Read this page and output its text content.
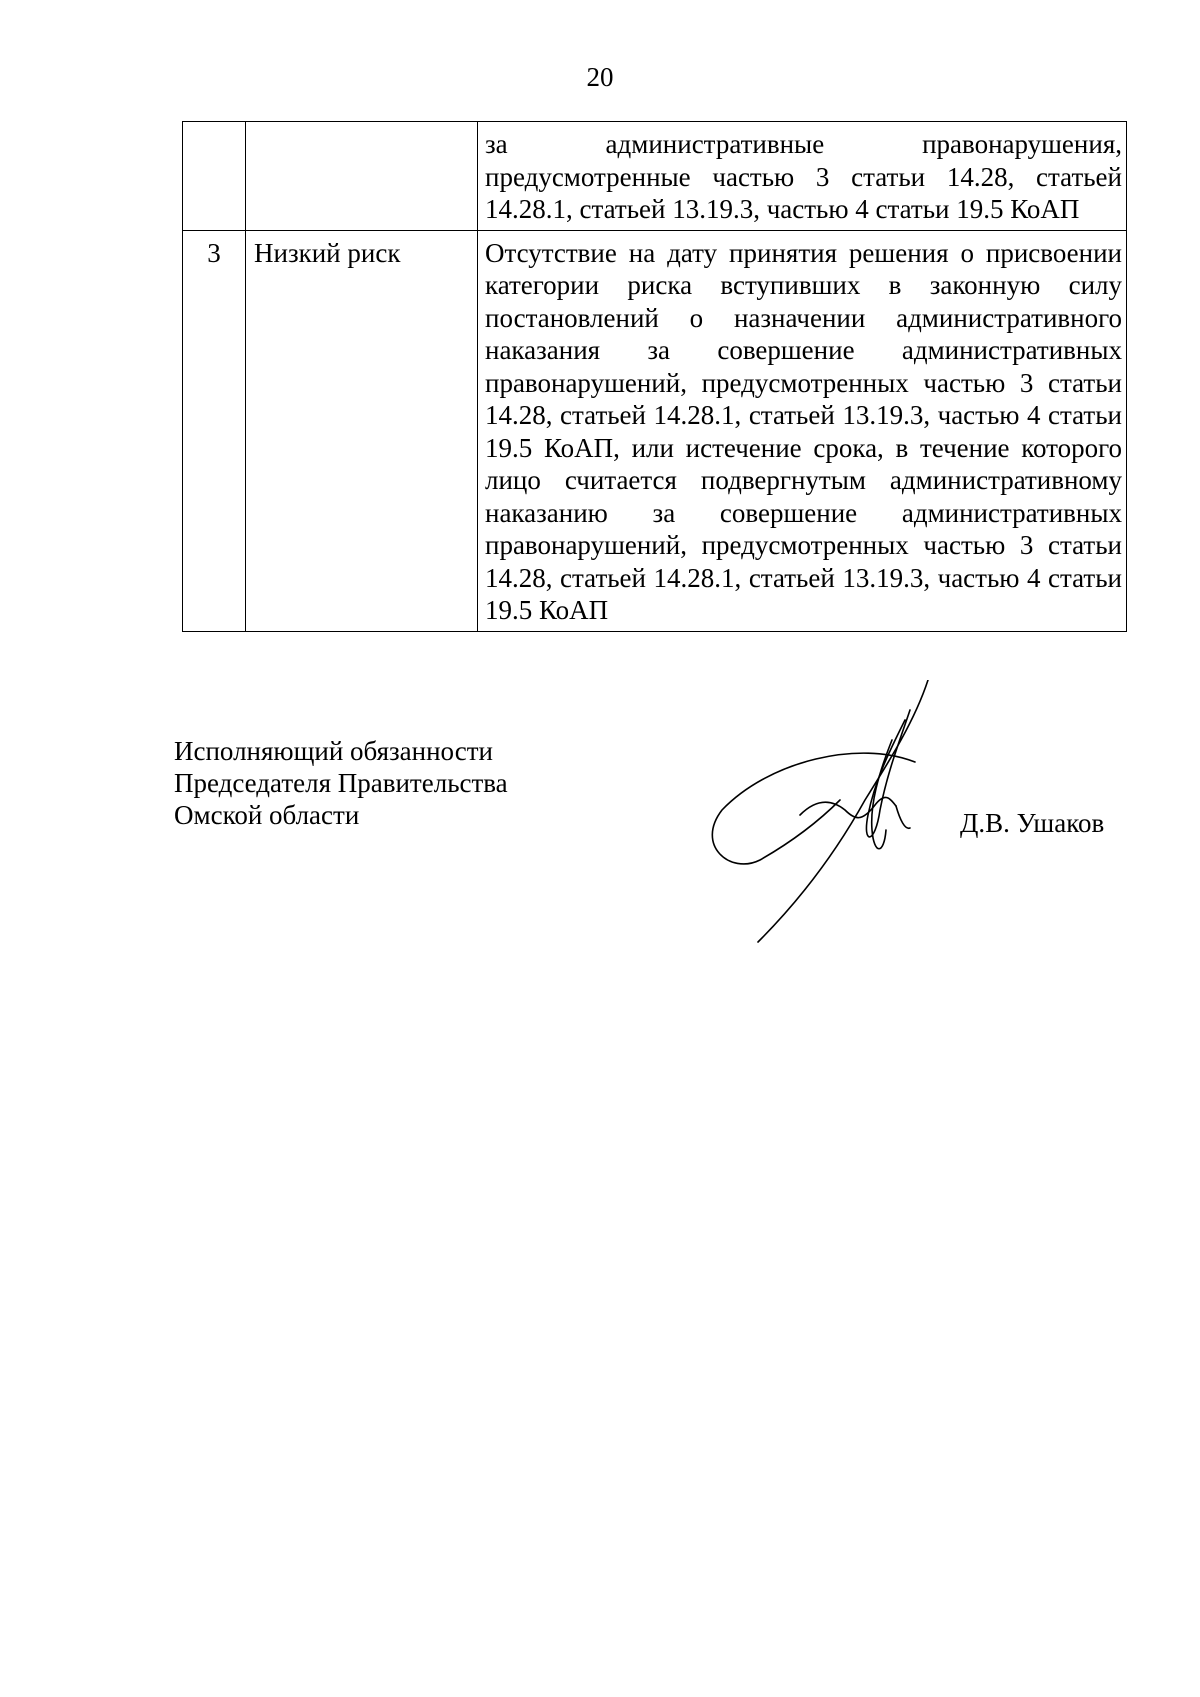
20
		за административные правонарушения, предусмотренные частью 3 статьи 14.28, статьей 14.28.1, статьей 13.19.3, частью 4 статьи 19.5 КоАП
3	Низкий риск	Отсутствие на дату принятия решения о присвоении категории риска вступивших в законную силу постановлений о назначении административного наказания за совершение административных правонарушений, предусмотренных частью 3 статьи 14.28, статьей 14.28.1, статьей 13.19.3, частью 4 статьи 19.5 КоАП, или истечение срока, в течение которого лицо считается подвергнутым административному наказанию за совершение административных правонарушений, предусмотренных частью 3 статьи 14.28, статьей 14.28.1, статьей 13.19.3, частью 4 статьи 19.5 КоАП
Исполняющий обязанности
Председателя Правительства
Омской области	Д.В. Ушаков
